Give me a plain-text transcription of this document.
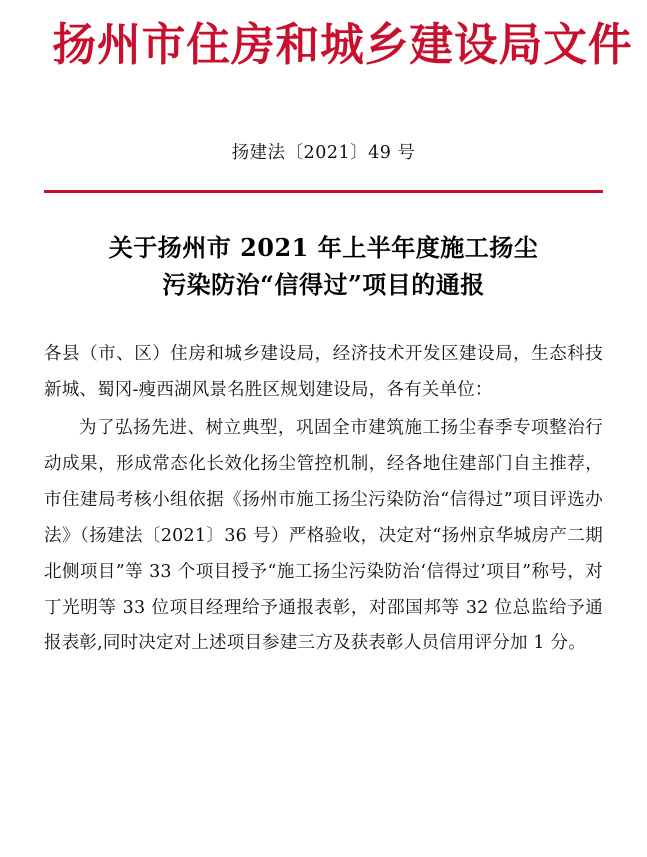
扬州市住房和城乡建设局文件
扬建法〔2021〕49 号
关于扬州市 2021 年上半年度施工扬尘
污染防治“信得过”项目的通报

各县（市、区）住房和城乡建设局，经济技术开发区建设局，生态科技新城、蜀冈-瘦西湖风景名胜区规划建设局，各有关单位：

为了弘扬先进、树立典型，巩固全市建筑施工扬尘春季专项整治行动成果，形成常态化长效化扬尘管控机制，经各地住建部门自主推荐，市住建局考核小组依据《扬州市施工扬尘污染防治“信得过”项目评选办法》（扬建法〔2021〕36 号）严格验收，决定对“扬州京华城房产二期北侧项目”等 33 个项目授予“施工扬尘污染防治‘信得过’项目”称号，对丁光明等 33 位项目经理给予通报表彰，对邵国邦等 32 位总监给予通报表彰,同时决定对上述项目参建三方及获表彰人员信用评分加 1 分。
